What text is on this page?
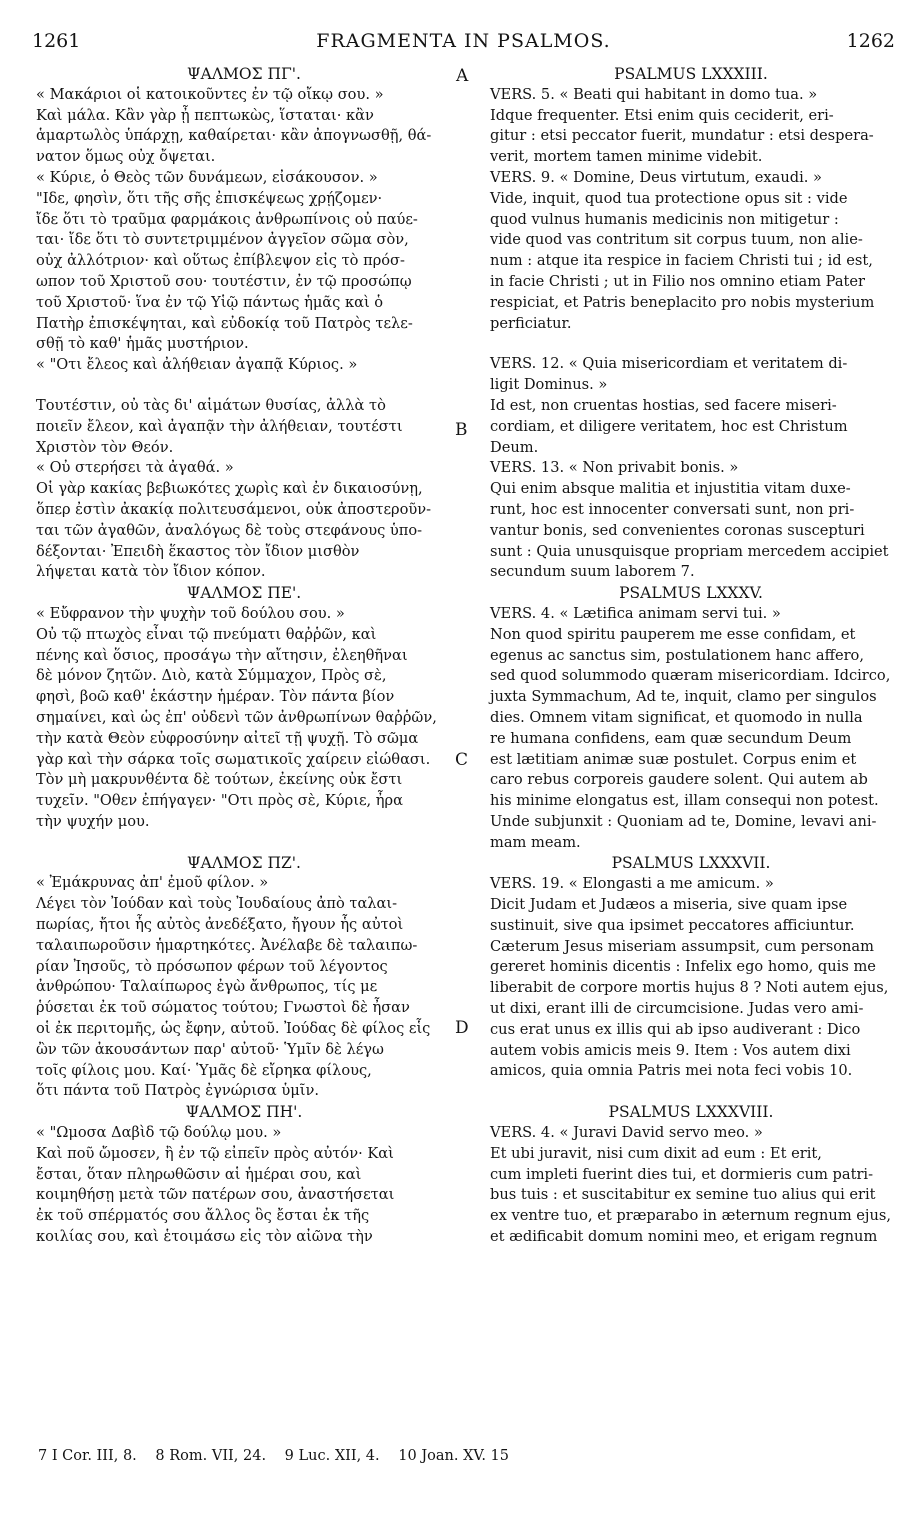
1261	FRAGMENTA IN PSALMOS.	1262
A
B
C
D
ΨΑΛΜΟΣ ΠΓ'.
« Μακάριοι οἱ κατοικοῦντες ἐν τῷ οἴκῳ σου. »
Καὶ μάλα. Κἂν γὰρ ᾖ πεπτωκὼς, ἵσταται· κἂν
ἁμαρτωλὸς ὑπάρχῃ, καθαίρεται· κἂν ἀπογνωσθῇ, θά-
νατον ὅμως οὐχ ὄψεται.
« Κύριε, ὁ Θεὸς τῶν δυνάμεων, εἰσάκουσον. »
"Ιδε, φησὶν, ὅτι τῆς σῆς ἐπισκέψεως χρῄζομεν·
ἴδε ὅτι τὸ τραῦμα φαρμάκοις ἀνθρωπίνοις οὐ παύε-
ται· ἴδε ὅτι τὸ συντετριμμένον ἀγγεῖον σῶμα σὸν,
οὐχ ἀλλότριον· καὶ οὕτως ἐπίβλεψον εἰς τὸ πρόσ-
ωπον τοῦ Χριστοῦ σου· τουτέστιν, ἐν τῷ προσώπῳ
τοῦ Χριστοῦ· ἵνα ἐν τῷ Υἱῷ πάντως ἡμᾶς καὶ ὁ
Πατὴρ ἐπισκέψηται, καὶ εὐδοκίᾳ τοῦ Πατρὸς τελε-
σθῇ τὸ καθ' ἡμᾶς μυστήριον.
« "Οτι ἔλεος καὶ ἀλήθειαν ἀγαπᾷ Κύριος. »
Τουτέστιν, οὐ τὰς δι' αἱμάτων θυσίας, ἀλλὰ τὸ
ποιεῖν ἔλεον, καὶ ἀγαπᾷν τὴν ἀλήθειαν, τουτέστι
Χριστὸν τὸν Θεόν.
« Οὐ στερήσει τὰ ἀγαθά. »
Οἱ γὰρ κακίας βεβιωκότες χωρὶς καὶ ἐν δικαιοσύνῃ,
ὅπερ ἐστὶν ἀκακίᾳ πολιτευσάμενοι, οὐκ ἀποστεροῦν-
ται τῶν ἀγαθῶν, ἀναλόγως δὲ τοὺς στεφάνους ὑπο-
δέξονται· Ἐπειδὴ ἕκαστος τὸν ἴδιον μισθὸν
λήψεται κατὰ τὸν ἴδιον κόπον.
ΨΑΛΜΟΣ ΠΕ'.
« Εὔφρανον τὴν ψυχὴν τοῦ δούλου σου. »
Οὐ τῷ πτωχὸς εἶναι τῷ πνεύματι θαῤῥῶν, καὶ
πένης καὶ ὅσιος, προσάγω τὴν αἴτησιν, ἐλεηθῆναι
δὲ μόνον ζητῶν. Διὸ, κατὰ Σύμμαχον, Πρὸς σὲ,
φησὶ, βοῶ καθ' ἑκάστην ἡμέραν. Τὸν πάντα βίον
σημαίνει, καὶ ὡς ἐπ' οὐδενὶ τῶν ἀνθρωπίνων θαῤῥῶν,
τὴν κατὰ Θεὸν εὐφροσύνην αἰτεῖ τῇ ψυχῇ. Τὸ σῶμα
γὰρ καὶ τὴν σάρκα τοῖς σωματικοῖς χαίρειν εἰώθασι.
Τὸν μὴ μακρυνθέντα δὲ τούτων, ἐκείνης οὐκ ἔστι
τυχεῖν. "Οθεν ἐπήγαγεν· "Οτι πρὸς σὲ, Κύριε, ἦρα
τὴν ψυχήν μου.
ΨΑΛΜΟΣ ΠΖ'.
« Ἐμάκρυνας ἀπ' ἐμοῦ φίλον. »
Λέγει τὸν Ἰούδαν καὶ τοὺς Ἰουδαίους ἀπὸ ταλαι-
πωρίας, ἤτοι ἧς αὐτὸς ἀνεδέξατο, ἤγουν ἧς αὐτοὶ
ταλαιπωροῦσιν ἡμαρτηκότες. Ἀνέλαβε δὲ ταλαιπω-
ρίαν Ἰησοῦς, τὸ πρόσωπον φέρων τοῦ λέγοντος
ἀνθρώπου· Ταλαίπωρος ἐγὼ ἄνθρωπος, τίς με
ῥύσεται ἐκ τοῦ σώματος τούτου; Γνωστοὶ δὲ ἦσαν
οἱ ἐκ περιτομῆς, ὡς ἔφην, αὐτοῦ. Ἰούδας δὲ φίλος εἷς
ὢν τῶν ἀκουσάντων παρ' αὐτοῦ· Ὑμῖν δὲ λέγω
τοῖς φίλοις μου. Καί· Ὑμᾶς δὲ εἴρηκα φίλους,
ὅτι πάντα τοῦ Πατρὸς ἐγνώρισα ὑμῖν.
ΨΑΛΜΟΣ ΠΗ'.
« "Ωμοσα Δαβὶδ τῷ δούλῳ μου. »
Καὶ ποῦ ὤμοσεν, ἢ ἐν τῷ εἰπεῖν πρὸς αὐτόν· Καὶ
ἔσται, ὅταν πληρωθῶσιν αἱ ἡμέραι σου, καὶ
κοιμηθήσῃ μετὰ τῶν πατέρων σου, ἀναστήσεται
ἐκ τοῦ σπέρματός σου ἄλλος ὃς ἔσται ἐκ τῆς
κοιλίας σου, καὶ ἑτοιμάσω εἰς τὸν αἰῶνα τὴν
PSALMUS LXXXIII.
VERS. 5. « Beati qui habitant in domo tua. »
Idque frequenter. Etsi enim quis ceciderit, eri-
gitur : etsi peccator fuerit, mundatur : etsi despera-
verit, mortem tamen minime videbit.
VERS. 9. « Domine, Deus virtutum, exaudi. »
Vide, inquit, quod tua protectione opus sit : vide
quod vulnus humanis medicinis non mitigetur :
vide quod vas contritum sit corpus tuum, non alie-
num : atque ita respice in faciem Christi tui ; id est,
in facie Christi ; ut in Filio nos omnino etiam Pater
respiciat, et Patris beneplacito pro nobis mysterium
perficiatur.
VERS. 12. « Quia misericordiam et veritatem di-
ligit Dominus. »
Id est, non cruentas hostias, sed facere miseri-
cordiam, et diligere veritatem, hoc est Christum
Deum.
VERS. 13. « Non privabit bonis. »
Qui enim absque malitia et injustitia vitam duxe-
runt, hoc est innocenter conversati sunt, non pri-
vantur bonis, sed convenientes coronas suscepturi
sunt : Quia unusquisque propriam mercedem accipiet
secundum suum laborem 7.
PSALMUS LXXXV.
VERS. 4. « Lætifica animam servi tui. »
Non quod spiritu pauperem me esse confidam, et
egenus ac sanctus sim, postulationem hanc affero,
sed quod solummodo quæram misericordiam. Idcirco,
juxta Symmachum, Ad te, inquit, clamo per singulos
dies. Omnem vitam significat, et quomodo in nulla
re humana confidens, eam quæ secundum Deum
est lætitiam animæ suæ postulet. Corpus enim et
caro rebus corporeis gaudere solent. Qui autem ab
his minime elongatus est, illam consequi non potest.
Unde subjunxit : Quoniam ad te, Domine, levavi ani-
mam meam.
PSALMUS LXXXVII.
VERS. 19. « Elongasti a me amicum. »
Dicit Judam et Judæos a miseria, sive quam ipse
sustinuit, sive qua ipsimet peccatores afficiuntur.
Cæterum Jesus miseriam assumpsit, cum personam
gereret hominis dicentis : Infelix ego homo, quis me
liberabit de corpore mortis hujus 8 ? Noti autem ejus,
ut dixi, erant illi de circumcisione. Judas vero ami-
cus erat unus ex illis qui ab ipso audiverant : Dico
autem vobis amicis meis 9. Item : Vos autem dixi
amicos, quia omnia Patris mei nota feci vobis 10.
PSALMUS LXXXVIII.
VERS. 4. « Juravi David servo meo. »
Et ubi juravit, nisi cum dixit ad eum : Et erit,
cum impleti fuerint dies tui, et dormieris cum patri-
bus tuis : et suscitabitur ex semine tuo alius qui erit
ex ventre tuo, et præparabo in æternum regnum ejus,
et ædificabit domum nomini meo, et erigam regnum
7 I Cor. III, 8. 8 Rom. VII, 24. 9 Luc. XII, 4. 10 Joan. XV. 15
